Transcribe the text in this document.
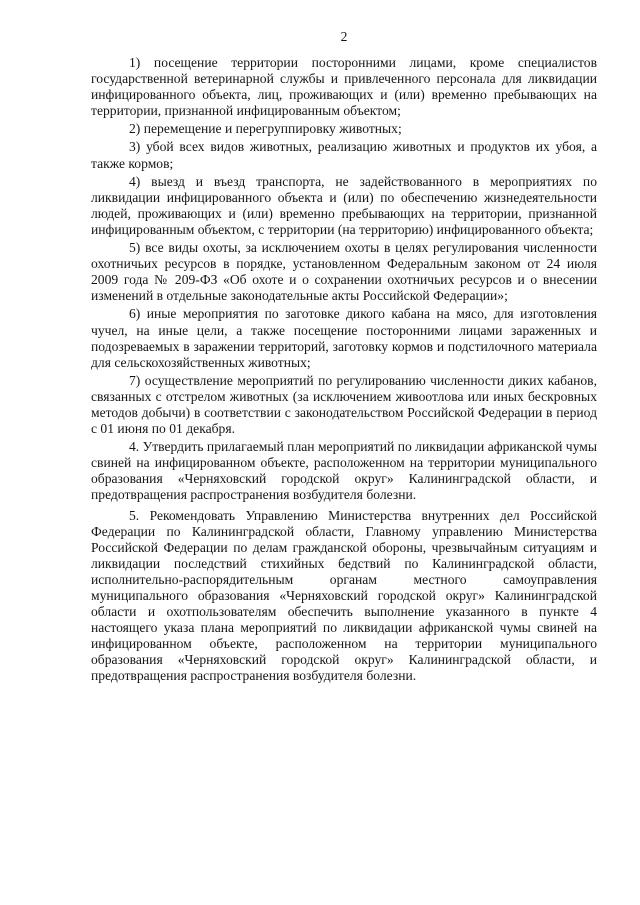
2

1) посещение территории посторонними лицами, кроме специалистов государственной ветеринарной службы и привлеченного персонала для ликвидации инфицированного объекта, лиц, проживающих и (или) временно пребывающих на территории, признанной инфицированным объектом;

2) перемещение и перегруппировку животных;

3) убой всех видов животных, реализацию животных и продуктов их убоя, а также кормов;

4) выезд и въезд транспорта, не задействованного в мероприятиях по ликвидации инфицированного объекта и (или) по обеспечению жизнедеятельности людей, проживающих и (или) временно пребывающих на территории, признанной инфицированным объектом, с территории (на территорию) инфицированного объекта;

5) все виды охоты, за исключением охоты в целях регулирования численности охотничьих ресурсов в порядке, установленном Федеральным законом от 24 июля 2009 года № 209-ФЗ «Об охоте и о сохранении охотничьих ресурсов и о внесении изменений в отдельные законодательные акты Российской Федерации»;

6) иные мероприятия по заготовке дикого кабана на мясо, для изготовления чучел, на иные цели, а также посещение посторонними лицами зараженных и подозреваемых в заражении территорий, заготовку кормов и подстилочного материала для сельскохозяйственных животных;

7) осуществление мероприятий по регулированию численности диких кабанов, связанных с отстрелом животных (за исключением живоотлова или иных бескровных методов добычи) в соответствии с законодательством Российской Федерации в период с 01 июня по 01 декабря.

4. Утвердить прилагаемый план мероприятий по ликвидации африканской чумы свиней на инфицированном объекте, расположенном на территории муниципального образования «Черняховский городской округ» Калининградской области, и предотвращения распространения возбудителя болезни.

5. Рекомендовать Управлению Министерства внутренних дел Российской Федерации по Калининградской области, Главному управлению Министерства Российской Федерации по делам гражданской обороны, чрезвычайным ситуациям и ликвидации последствий стихийных бедствий по Калининградской области, исполнительно-распорядительным органам местного самоуправления муниципального образования «Черняховский городской округ» Калининградской области и охотпользователям обеспечить выполнение указанного в пункте 4 настоящего указа плана мероприятий по ликвидации африканской чумы свиней на инфицированном объекте, расположенном на территории муниципального образования «Черняховский городской округ» Калининградской области, и предотвращения распространения возбудителя болезни.
